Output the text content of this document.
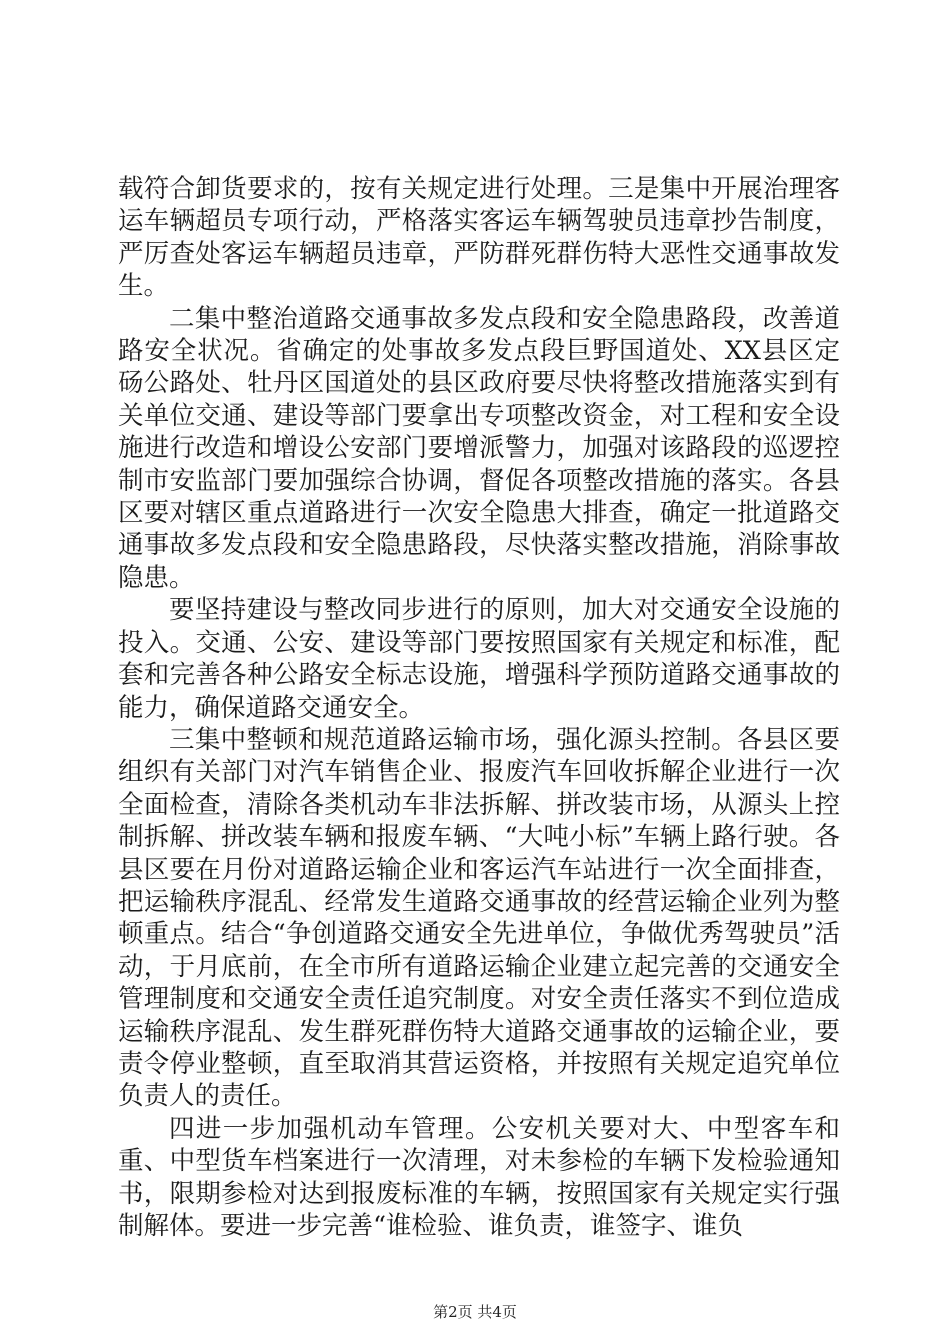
载符合卸货要求的，按有关规定进行处理。三是集中开展治理客运车辆超员专项行动，严格落实客运车辆驾驶员违章抄告制度，严厉查处客运车辆超员违章，严防群死群伤特大恶性交通事故发生。

二集中整治道路交通事故多发点段和安全隐患路段，改善道路安全状况。省确定的处事故多发点段巨野国道处、XX县区定砀公路处、牡丹区国道处的县区政府要尽快将整改措施落实到有关单位交通、建设等部门要拿出专项整改资金，对工程和安全设施进行改造和增设公安部门要增派警力，加强对该路段的巡逻控制市安监部门要加强综合协调，督促各项整改措施的落实。各县区要对辖区重点道路进行一次安全隐患大排查，确定一批道路交通事故多发点段和安全隐患路段，尽快落实整改措施，消除事故隐患。

要坚持建设与整改同步进行的原则，加大对交通安全设施的投入。交通、公安、建设等部门要按照国家有关规定和标准，配套和完善各种公路安全标志设施，增强科学预防道路交通事故的能力，确保道路交通安全。

三集中整顿和规范道路运输市场，强化源头控制。各县区要组织有关部门对汽车销售企业、报废汽车回收拆解企业进行一次全面检查，清除各类机动车非法拆解、拼改装市场，从源头上控制拆解、拼改装车辆和报废车辆、“大吨小标”车辆上路行驶。各县区要在月份对道路运输企业和客运汽车站进行一次全面排查，把运输秩序混乱、经常发生道路交通事故的经营运输企业列为整顿重点。结合“争创道路交通安全先进单位，争做优秀驾驶员”活动，于月底前，在全市所有道路运输企业建立起完善的交通安全管理制度和交通安全责任追究制度。对安全责任落实不到位造成运输秩序混乱、发生群死群伤特大道路交通事故的运输企业，要责令停业整顿，直至取消其营运资格，并按照有关规定追究单位负责人的责任。

四进一步加强机动车管理。公安机关要对大、中型客车和重、中型货车档案进行一次清理，对未参检的车辆下发检验通知书，限期参检对达到报废标准的车辆，按照国家有关规定实行强制解体。要进一步完善“谁检验、谁负责，谁签字、谁负

第2页 共4页
